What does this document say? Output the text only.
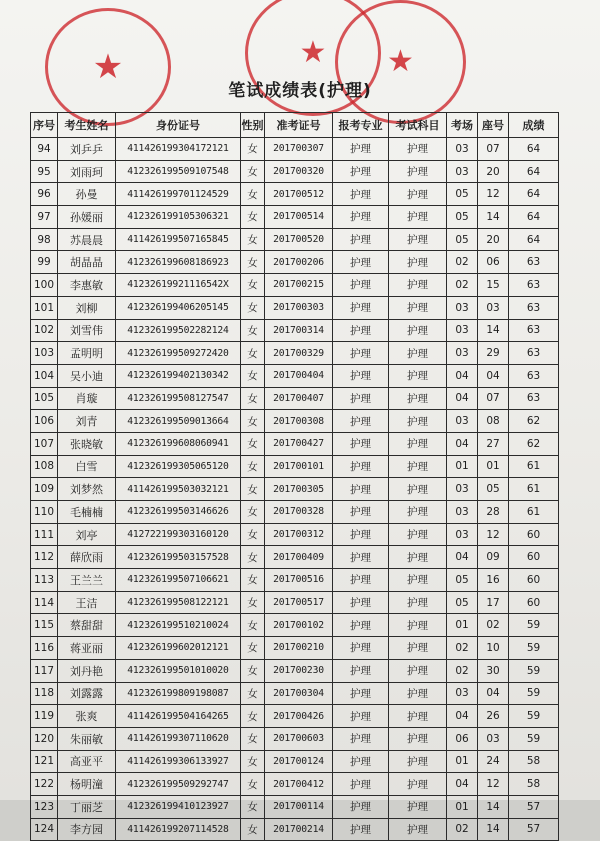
★	★ ★
笔试成绩表(护理)
序号	考生姓名	身份证号	性别	准考证号	报考专业	考试科目	考场	座号	成绩
94	刘乒乒	411426199304172121	女	201700307	护理	护理	03	07	64
95	刘雨珂	412326199509107548	女	201700320	护理	护理	03	20	64
96	孙曼	411426199701124529	女	201700512	护理	护理	05	12	64
97	孙媛丽	412326199105306321	女	201700514	护理	护理	05	14	64
98	苏晨晨	411426199507165845	女	201700520	护理	护理	05	20	64
99	胡晶晶	412326199608186923	女	201700206	护理	护理	02	06	63
100	李惠敏	41232619921116542X	女	201700215	护理	护理	02	15	63
101	刘柳	412326199406205145	女	201700303	护理	护理	03	03	63
102	刘雪伟	412326199502282124	女	201700314	护理	护理	03	14	63
103	孟明明	412326199509272420	女	201700329	护理	护理	03	29	63
104	吴小迪	412326199402130342	女	201700404	护理	护理	04	04	63
105	肖璇	412326199508127547	女	201700407	护理	护理	04	07	63
106	刘青	412326199509013664	女	201700308	护理	护理	03	08	62
107	张晓敏	412326199608060941	女	201700427	护理	护理	04	27	62
108	白雪	412326199305065120	女	201700101	护理	护理	01	01	61
109	刘梦然	411426199503032121	女	201700305	护理	护理	03	05	61
110	毛楠楠	412326199503146626	女	201700328	护理	护理	03	28	61
111	刘亭	412722199303160120	女	201700312	护理	护理	03	12	60
112	薛欣雨	412326199503157528	女	201700409	护理	护理	04	09	60
113	王兰兰	412326199507106621	女	201700516	护理	护理	05	16	60
114	王洁	412326199508122121	女	201700517	护理	护理	05	17	60
115	蔡甜甜	412326199510210024	女	201700102	护理	护理	01	02	59
116	蒋亚丽	412326199602012121	女	201700210	护理	护理	02	10	59
117	刘丹艳	412326199501010020	女	201700230	护理	护理	02	30	59
118	刘露露	412326199809198087	女	201700304	护理	护理	03	04	59
119	张爽	411426199504164265	女	201700426	护理	护理	04	26	59
120	朱丽敏	411426199307110620	女	201700603	护理	护理	06	03	59
121	高亚平	411426199306133927	女	201700124	护理	护理	01	24	58
122	杨明潼	412326199509292747	女	201700412	护理	护理	04	12	58
123	丁丽芝	412326199410123927	女	201700114	护理	护理	01	14	57
124	李方园	411426199207114528	女	201700214	护理	护理	02	14	57
